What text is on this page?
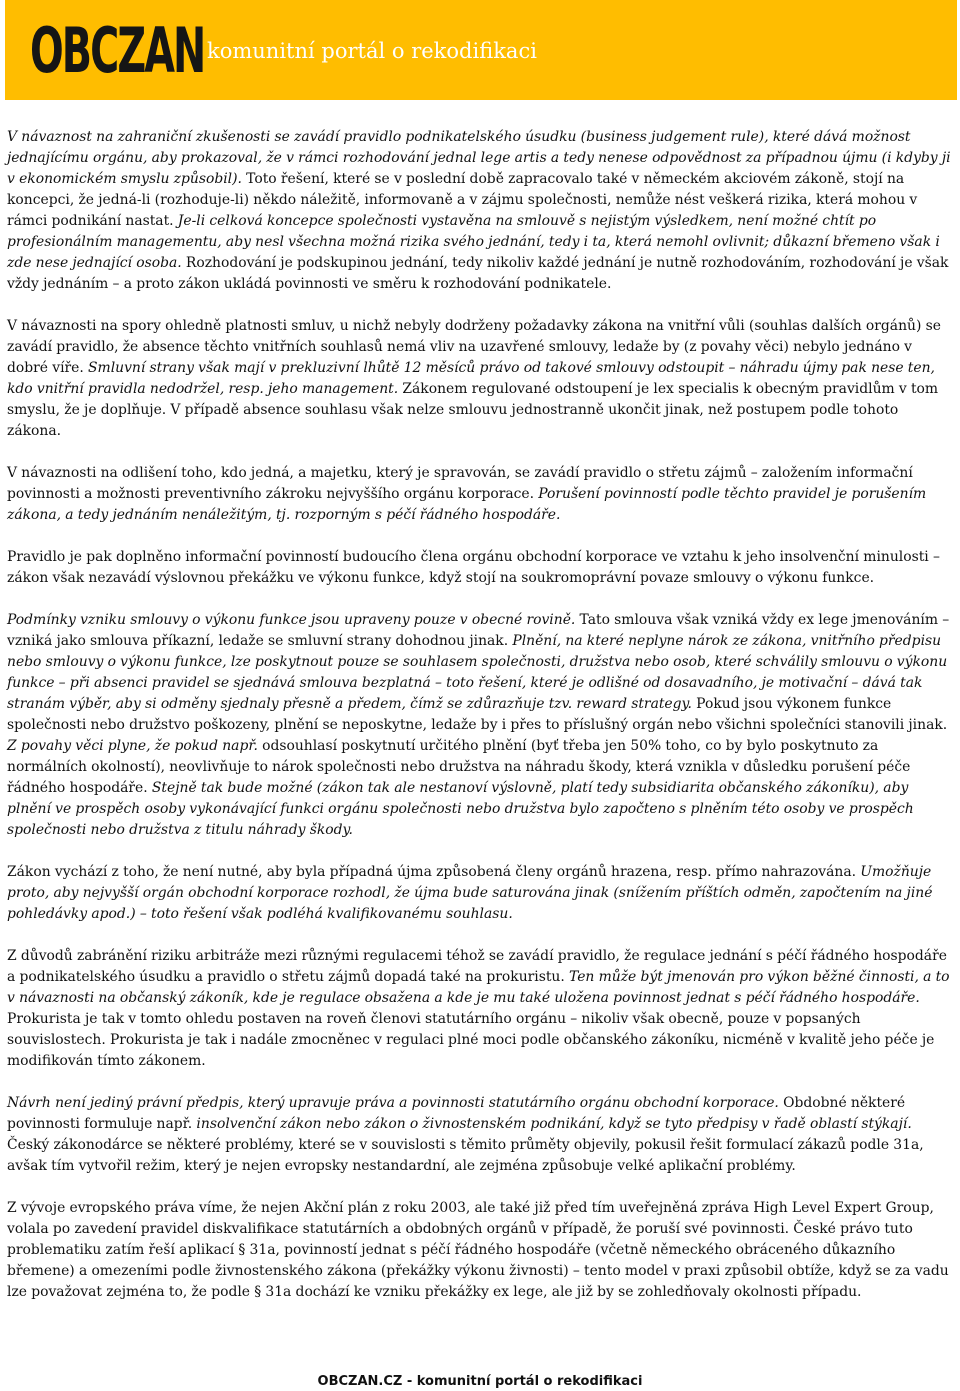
OBCZAN komunitní portál o rekodifikaci

V návaznost na zahraniční zkušenosti se zavádí pravidlo podnikatelského úsudku (business judgement rule), které dává možnost jednajícímu orgánu, aby prokazoval, že v rámci rozhodování jednal lege artis a tedy nenese odpovědnost za případnou újmu (i kdyby ji v ekonomickém smyslu způsobil). Toto řešení, které se v poslední době zapracovalo také v německém akciovém zákoně, stojí na koncepci, že jedná-li (rozhoduje-li) někdo náležitě, informovaně a v zájmu společnosti, nemůže nést veškerá rizika, která mohou v rámci podnikání nastat. Je-li celková koncepce společnosti vystavěna na smlouvě s nejistým výsledkem, není možné chtít po profesionálním managementu, aby nesl všechna možná rizika svého jednání, tedy i ta, která nemohl ovlivnit; důkazní břemeno však i zde nese jednající osoba. Rozhodování je podskupinou jednání, tedy nikoliv každé jednání je nutně rozhodováním, rozhodování je však vždy jednáním – a proto zákon ukládá povinnosti ve směru k rozhodování podnikatele.

V návaznosti na spory ohledně platnosti smluv, u nichž nebyly dodrženy požadavky zákona na vnitřní vůli (souhlas dalších orgánů) se zavádí pravidlo, že absence těchto vnitřních souhlasů nemá vliv na uzavřené smlouvy, ledaže by (z povahy věci) nebylo jednáno v dobré víře. Smluvní strany však mají v prekluzivní lhůtě 12 měsíců právo od takové smlouvy odstoupit – náhradu újmy pak nese ten, kdo vnitřní pravidla nedodržel, resp. jeho management. Zákonem regulované odstoupení je lex specialis k obecným pravidlům v tom smyslu, že je doplňuje. V případě absence souhlasu však nelze smlouvu jednostranně ukončit jinak, než postupem podle tohoto zákona.

V návaznosti na odlišení toho, kdo jedná, a majetku, který je spravován, se zavádí pravidlo o střetu zájmů – založením informační povinnosti a možnosti preventivního zákroku nejvyššího orgánu korporace. Porušení povinností podle těchto pravidel je porušením zákona, a tedy jednáním nenáležitým, tj. rozporným s péčí řádného hospodáře.

Pravidlo je pak doplněno informační povinností budoucího člena orgánu obchodní korporace ve vztahu k jeho insolvenční minulosti – zákon však nezavádí výslovnou překážku ve výkonu funkce, když stojí na soukromoprávní povaze smlouvy o výkonu funkce.

Podmínky vzniku smlouvy o výkonu funkce jsou upraveny pouze v obecné rovině. Tato smlouva však vzniká vždy ex lege jmenováním – vzniká jako smlouva příkazní, ledaže se smluvní strany dohodnou jinak. Plnění, na které neplyne nárok ze zákona, vnitřního předpisu nebo smlouvy o výkonu funkce, lze poskytnout pouze se souhlasem společnosti, družstva nebo osob, které schválily smlouvu o výkonu funkce – při absenci pravidel se sjednává smlouva bezplatná – toto řešení, které je odlišné od dosavadního, je motivační – dává tak stranám výběr, aby si odměny sjednaly přesně a předem, čímž se zdůrazňuje tzv. reward strategy. Pokud jsou výkonem funkce společnosti nebo družstvo poškozeny, plnění se neposkytne, ledaže by i přes to příslušný orgán nebo všichni společníci stanovili jinak. Z povahy věci plyne, že pokud např. odsouhlasí poskytnutí určitého plnění (byť třeba jen 50% toho, co by bylo poskytnuto za normálních okolností), neovlivňuje to nárok společnosti nebo družstva na náhradu škody, která vznikla v důsledku porušení péče řádného hospodáře. Stejně tak bude možné (zákon tak ale nestanoví výslovně, platí tedy subsidiarita občanského zákoníku), aby plnění ve prospěch osoby vykonávající funkci orgánu společnosti nebo družstva bylo započteno s plněním této osoby ve prospěch společnosti nebo družstva z titulu náhrady škody.

Zákon vychází z toho, že není nutné, aby byla případná újma způsobená členy orgánů hrazena, resp. přímo nahrazována. Umožňuje proto, aby nejvyšší orgán obchodní korporace rozhodl, že újma bude saturována jinak (snížením příštích odměn, započtením na jiné pohledávky apod.) – toto řešení však podléhá kvalifikovanému souhlasu.

Z důvodů zabránění riziku arbitráže mezi různými regulacemi téhož se zavádí pravidlo, že regulace jednání s péčí řádného hospodáře a podnikatelského úsudku a pravidlo o střetu zájmů dopadá také na prokuristu. Ten může být jmenován pro výkon běžné činnosti, a to v návaznosti na občanský zákoník, kde je regulace obsažena a kde je mu také uložena povinnost jednat s péčí řádného hospodáře. Prokurista je tak v tomto ohledu postaven na roveň členovi statutárního orgánu – nikoliv však obecně, pouze v popsaných souvislostech. Prokurista je tak i nadále zmocněnec v regulaci plné moci podle občanského zákoníku, nicméně v kvalitě jeho péče je modifikován tímto zákonem.

Návrh není jediný právní předpis, který upravuje práva a povinnosti statutárního orgánu obchodní korporace. Obdobné některé povinnosti formuluje např. insolvenční zákon nebo zákon o živnostenském podnikání, když se tyto předpisy v řadě oblastí stýkají. Český zákonodárce se některé problémy, které se v souvislosti s těmito průměty objevily, pokusil řešit formulací zákazů podle 31a, avšak tím vytvořil režim, který je nejen evropsky nestandardní, ale zejména způsobuje velké aplikační problémy.

Z vývoje evropského práva víme, že nejen Akční plán z roku 2003, ale také již před tím uveřejněná zpráva High Level Expert Group, volala po zavedení pravidel diskvalifikace statutárních a obdobných orgánů v případě, že poruší své povinnosti. České právo tuto problematiku zatím řeší aplikací § 31a, povinností jednat s péčí řádného hospodáře (včetně německého obráceného důkazního břemene) a omezeními podle živnostenského zákona (překážky výkonu živnosti) – tento model v praxi způsobil obtíže, když se za vadu lze považovat zejména to, že podle § 31a dochází ke vzniku překážky ex lege, ale již by se zohledňovaly okolnosti případu.

OBCZAN.CZ - komunitní portál o rekodifikaci
